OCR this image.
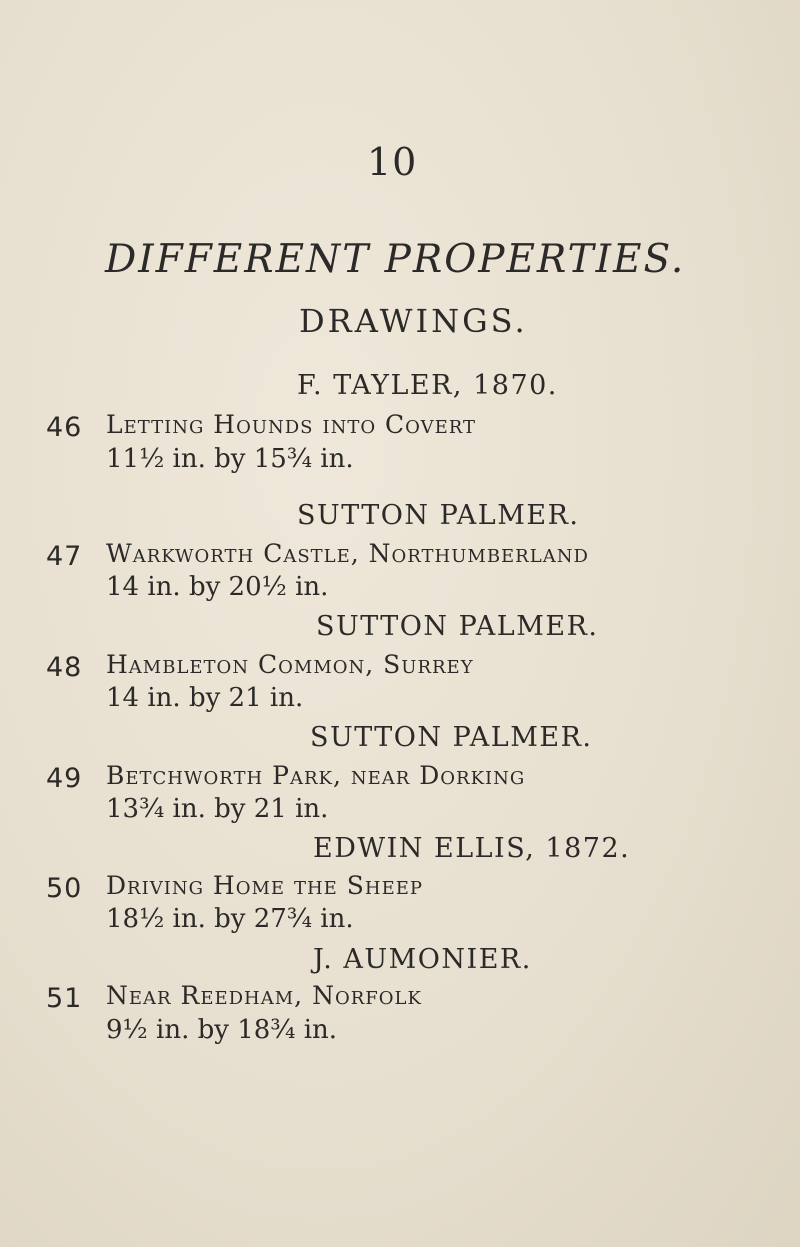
10
DIFFERENT PROPERTIES.
DRAWINGS.
F. TAYLER, 1870.
46 Letting Hounds into Covert
11½ in. by 15¾ in.
SUTTON PALMER.
47 Warkworth Castle, Northumberland
14 in. by 20½ in.
SUTTON PALMER.
48 Hambleton Common, Surrey
14 in. by 21 in.
SUTTON PALMER.
49 Betchworth Park, near Dorking
13¾ in. by 21 in.
EDWIN ELLIS, 1872.
50 Driving Home the Sheep
18½ in. by 27¾ in.
J. AUMONIER.
51 Near Reedham, Norfolk
9½ in. by 18¾ in.
